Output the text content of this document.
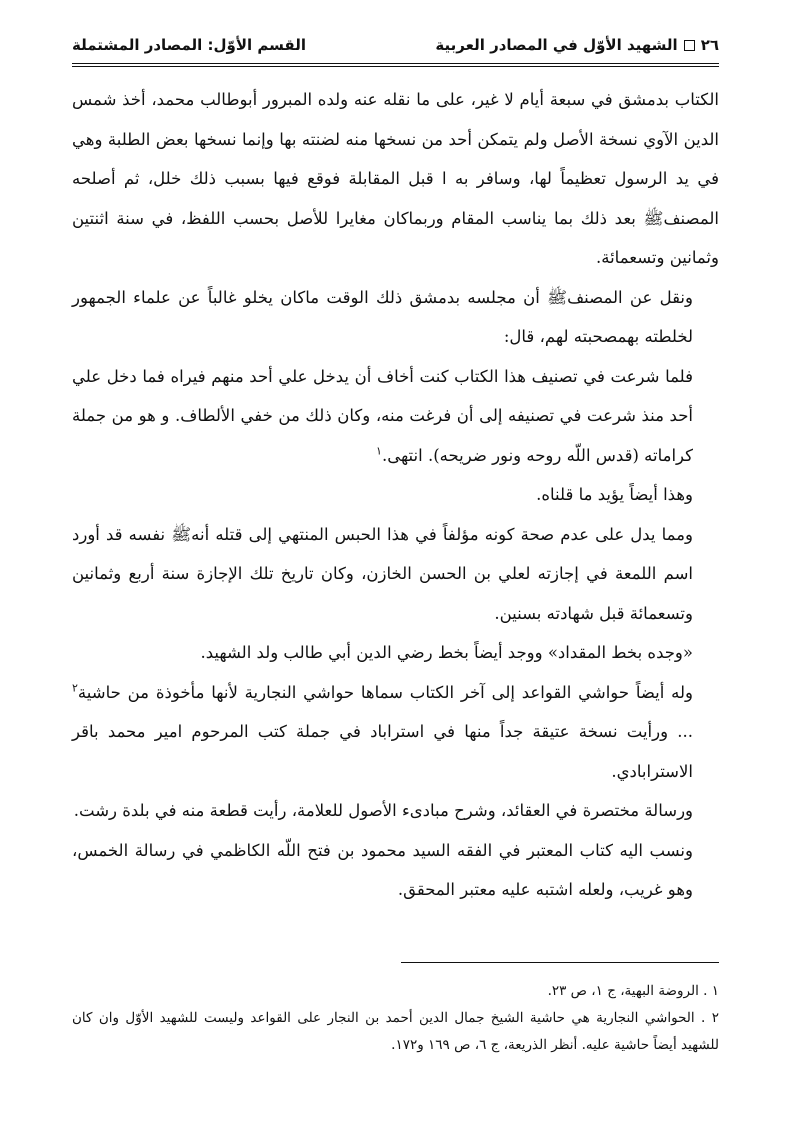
٢٦
الشهيد الأوّل في المصادر العربية
القسم الأوّل: المصادر المشتملة

الكتاب بدمشق في سبعة أيام لا غير، على ما نقله عنه ولده المبرور أبوطالب محمد، أخذ شمس الدين الآوي نسخة الأصل ولم يتمكن أحد من نسخها منه لضنته بها وإنما نسخها بعض الطلبة وهي في يد الرسول تعظيماً لها، وسافر به ا قبل المقابلة فوقع فيها بسبب ذلك خلل، ثم أصلحه المصنفﷺ بعد ذلك بما يناسب المقام وربماكان مغايرا للأصل بحسب اللفظ، في سنة اثنتين وثمانين وتسعمائة.

ونقل عن المصنفﷺ أن مجلسه بدمشق ذلك الوقت ماكان يخلو غالباً عن علماء الجمهور لخلطته بهمصحبته لهم، قال:

فلما شرعت في تصنيف هذا الكتاب كنت أخاف أن يدخل علي أحد منهم فيراه فما دخل علي أحد منذ شرعت في تصنيفه إلى أن فرغت منه، وكان ذلك من خفي الألطاف. و هو من جملة كراماته (قدس اللّه روحه ونور ضريحه). انتهى.$^١$

وهذا أيضاً يؤيد ما قلناه.

ومما يدل على عدم صحة كونه مؤلفاً في هذا الحبس المنتهي إلى قتله أنهﷺ نفسه قد أورد اسم اللمعة في إجازته لعلي بن الحسن الخازن، وكان تاريخ تلك الإجازة سنة أربع وثمانين وتسعمائة قبل شهادته بسنين.

«وجده بخط المقداد» ووجد أيضاً بخط رضي الدين أبي طالب ولد الشهيد.

وله أيضاً حواشي القواعد إلى آخر الكتاب سماها حواشي النجارية لأنها مأخوذة من حاشية$^٢$ ... ورأيت نسخة عتيقة جداً منها في استراباد في جملة كتب المرحوم امير محمد باقر الاسترابادي.

ورسالة مختصرة في العقائد، وشرح مبادىء الأصول للعلامة، رأيت قطعة منه في بلدة رشت.

ونسب اليه كتاب المعتبر في الفقه السيد محمود بن فتح اللّه الكاظمي في رسالة الخمس، وهو غريب، ولعله اشتبه عليه معتبر المحقق.

١ . الروضة البهية، ج ١، ص ٢٣.

٢ . الحواشي النجارية هي حاشية الشيخ جمال الدين أحمد بن النجار على القواعد وليست للشهيد الأوّل وان كان للشهيد أيضاً حاشية عليه. أنظر الذريعة، ج ٦، ص ١٦٩ و١٧٢.
